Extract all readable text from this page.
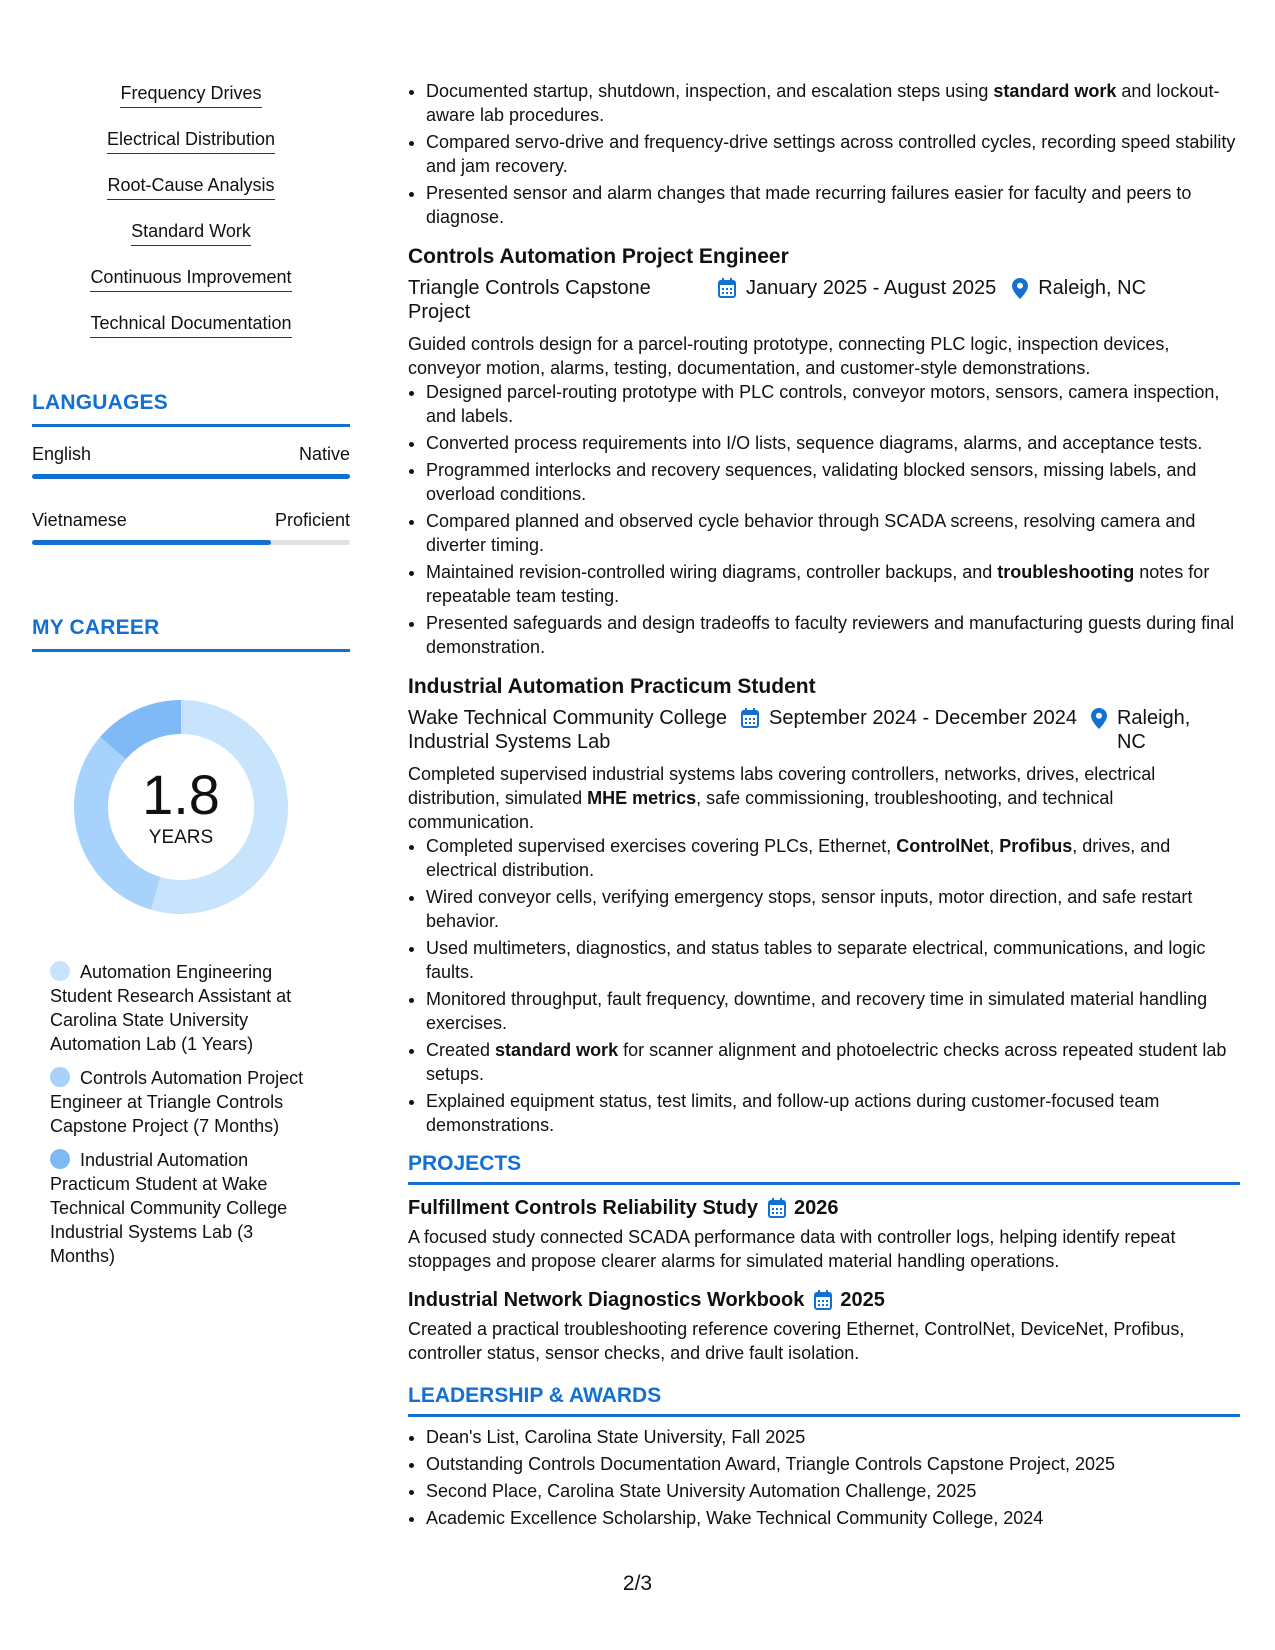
Frequency Drives
Electrical Distribution
Root-Cause Analysis
Standard Work
Continuous Improvement
Technical Documentation
LANGUAGES
English	Native
Vietnamese	Proficient
MY CAREER
1.8
YEARS
Automation Engineering Student Research Assistant at Carolina State University Automation Lab (1 Years)
Controls Automation Project Engineer at Triangle Controls Capstone Project (7 Months)
Industrial Automation Practicum Student at Wake Technical Community College Industrial Systems Lab (3 Months)
• Documented startup, shutdown, inspection, and escalation steps using standard work and lockout-aware lab procedures.
• Compared servo-drive and frequency-drive settings across controlled cycles, recording speed stability and jam recovery.
• Presented sensor and alarm changes that made recurring failures easier for faculty and peers to diagnose.
Controls Automation Project Engineer
Triangle Controls Capstone Project
January 2025 - August 2025 Raleigh, NC
Guided controls design for a parcel-routing prototype, connecting PLC logic, inspection devices, conveyor motion, alarms, testing, documentation, and customer-style demonstrations.
• Designed parcel-routing prototype with PLC controls, conveyor motors, sensors, camera inspection, and labels.
• Converted process requirements into I/O lists, sequence diagrams, alarms, and acceptance tests.
• Programmed interlocks and recovery sequences, validating blocked sensors, missing labels, and overload conditions.
• Compared planned and observed cycle behavior through SCADA screens, resolving camera and diverter timing.
• Maintained revision-controlled wiring diagrams, controller backups, and troubleshooting notes for repeatable team testing.
• Presented safeguards and design tradeoffs to faculty reviewers and manufacturing guests during final demonstration.
Industrial Automation Practicum Student
Wake Technical Community College Industrial Systems Lab
September 2024 - December 2024 Raleigh, NC
Completed supervised industrial systems labs covering controllers, networks, drives, electrical distribution, simulated MHE metrics, safe commissioning, troubleshooting, and technical communication.
• Completed supervised exercises covering PLCs, Ethernet, ControlNet, Profibus, drives, and electrical distribution.
• Wired conveyor cells, verifying emergency stops, sensor inputs, motor direction, and safe restart behavior.
• Used multimeters, diagnostics, and status tables to separate electrical, communications, and logic faults.
• Monitored throughput, fault frequency, downtime, and recovery time in simulated material handling exercises.
• Created standard work for scanner alignment and photoelectric checks across repeated student lab setups.
• Explained equipment status, test limits, and follow-up actions during customer-focused team demonstrations.
PROJECTS
Fulfillment Controls Reliability Study 2026
A focused study connected SCADA performance data with controller logs, helping identify repeat stoppages and propose clearer alarms for simulated material handling operations.
Industrial Network Diagnostics Workbook 2025
Created a practical troubleshooting reference covering Ethernet, ControlNet, DeviceNet, Profibus, controller status, sensor checks, and drive fault isolation.
LEADERSHIP & AWARDS
• Dean's List, Carolina State University, Fall 2025
• Outstanding Controls Documentation Award, Triangle Controls Capstone Project, 2025
• Second Place, Carolina State University Automation Challenge, 2025
• Academic Excellence Scholarship, Wake Technical Community College, 2024
2/3
